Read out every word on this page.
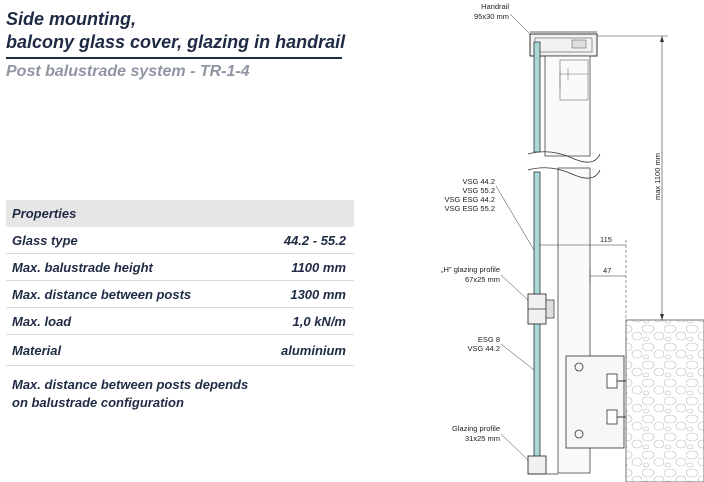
Side mounting,
balcony glass cover, glazing in handrail
Post balustrade system - TR-1-4
Properties
Glass type	44.2 - 55.2
Max. balustrade height	1100 mm
Max. distance between posts	1300 mm
Max. load	1,0 kN/m
Material	aluminium
Max. distance between posts depends
on balustrade configuration
max 1100 mm
115
47
Handrail
95x30 mm
VSG 44.2
VSG 55.2
VSG ESG 44.2
VSG ESG 55.2
„H" glazing profile
67x25 mm
ESG 8
VSG 44.2
Glazing profile
31x25 mm
